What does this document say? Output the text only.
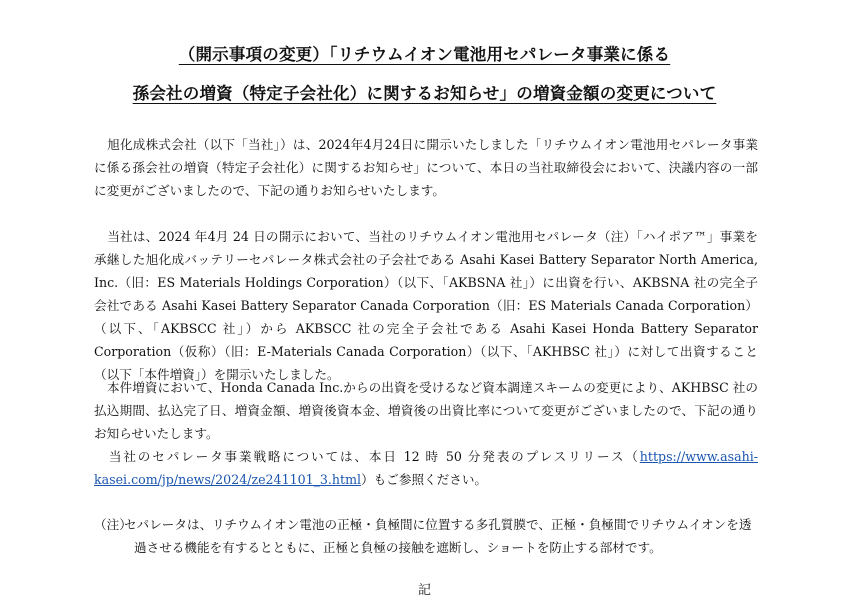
（開示事項の変更）「リチウムイオン電池用セパレータ事業に係る
孫会社の増資（特定子会社化）に関するお知らせ」の増資金額の変更について
旭化成株式会社（以下「当社」）は、2024年4月24日に開示いたしました「リチウムイオン電池用セパレータ事業に係る孫会社の増資（特定子会社化）に関するお知らせ」について、本日の当社取締役会において、決議内容の一部に変更がございましたので、下記の通りお知らせいたします。
当社は、2024 年4月 24 日の開示において、当社のリチウムイオン電池用セパレータ（注）「ハイポア™」事業を承継した旭化成バッテリーセパレータ株式会社の子会社である Asahi Kasei Battery Separator North America, Inc.（旧：ES Materials Holdings Corporation）（以下、「AKBSNA 社」）に出資を行い、AKBSNA 社の完全子会社である Asahi Kasei Battery Separator Canada Corporation（旧：ES Materials Canada Corporation）（以下、「AKBSCC 社」）から AKBSCC 社の完全子会社である Asahi Kasei Honda Battery Separator Corporation（仮称）（旧：E-Materials Canada Corporation）（以下、「AKHBSC 社」）に対して出資すること（以下「本件増資」）を開示いたしました。
本件増資において、Honda Canada Inc.からの出資を受けるなど資本調達スキームの変更により、AKHBSC 社の払込期間、払込完了日、増資金額、増資後資本金、増資後の出資比率について変更がございましたので、下記の通りお知らせいたします。
当社のセパレータ事業戦略については、本日 12 時 50 分発表のプレスリリース（https://www.asahi-kasei.com/jp/news/2024/ze241101_3.html）もご参照ください。
（注）
セパレータは、リチウムイオン電池の正極・負極間に位置する多孔質膜で、正極・負極間でリチウムイオンを透過させる機能を有するとともに、正極と負極の接触を遮断し、ショートを防止する部材です。
記
